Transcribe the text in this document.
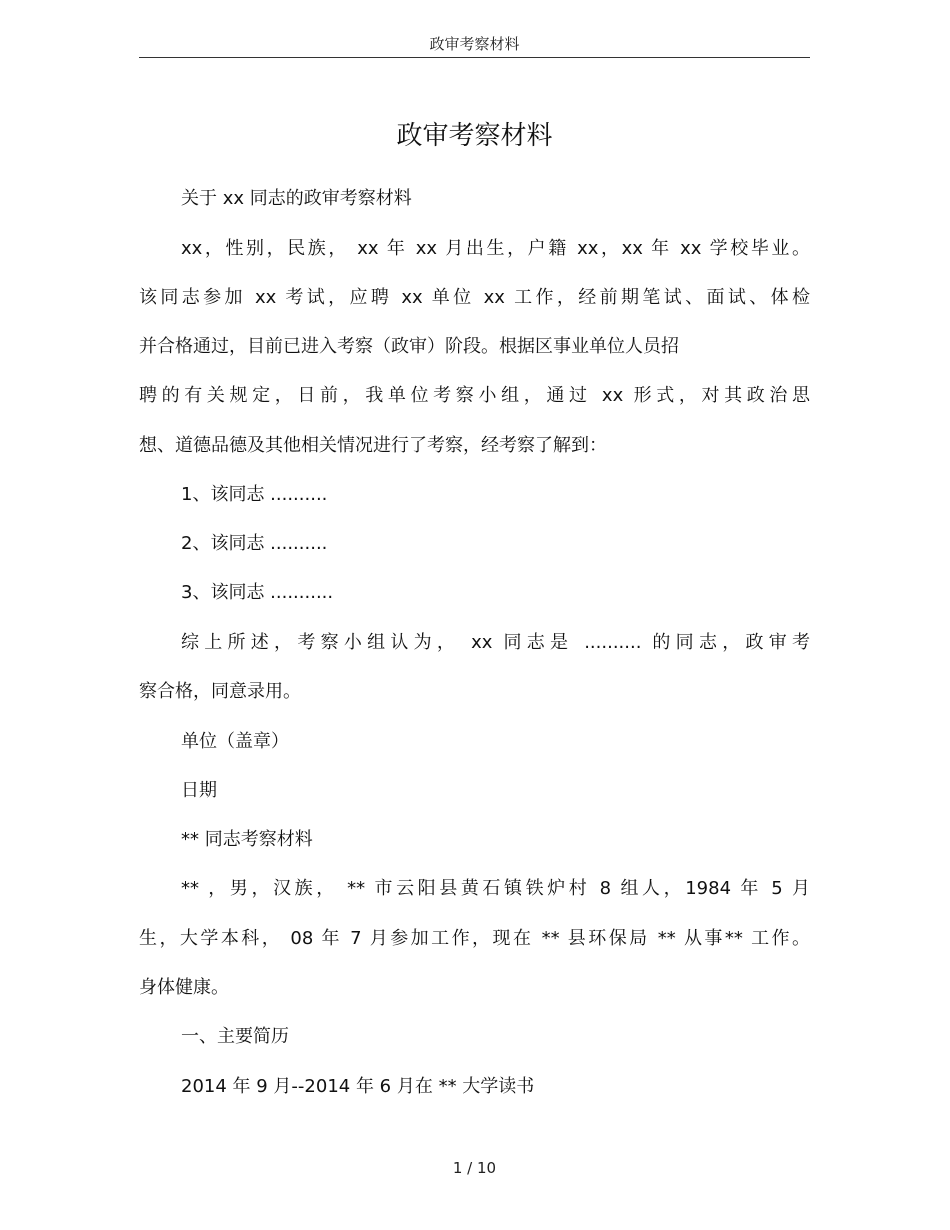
政审考察材料
政审考察材料
关于 xx 同志的政审考察材料
xx，性别，民族， xx 年 xx 月出生，户籍 xx，xx 年 xx 学校毕业。
该同志参加 xx 考试，应聘 xx 单位 xx 工作，经前期笔试、面试、体检
并合格通过，目前已进入考察（政审）阶段。根据区事业单位人员招
聘的有关规定，日前，我单位考察小组，通过 xx 形式，对其政治思
想、道德品德及其他相关情况进行了考察，经考察了解到：
1、该同志 ..........
2、该同志 ..........
3、该同志 ...........
综上所述，考察小组认为， xx 同志是 .......... 的同志，政审考
察合格，同意录用。
单位（盖章）
日期
** 同志考察材料
** ，男，汉族， ** 市云阳县黄石镇铁炉村 8 组人，1984 年 5 月
生，大学本科， 08 年 7 月参加工作，现在 ** 县环保局 ** 从事** 工作。
身体健康。
一、主要简历
2014 年 9 月--2014 年 6 月在 ** 大学读书
1 / 10
